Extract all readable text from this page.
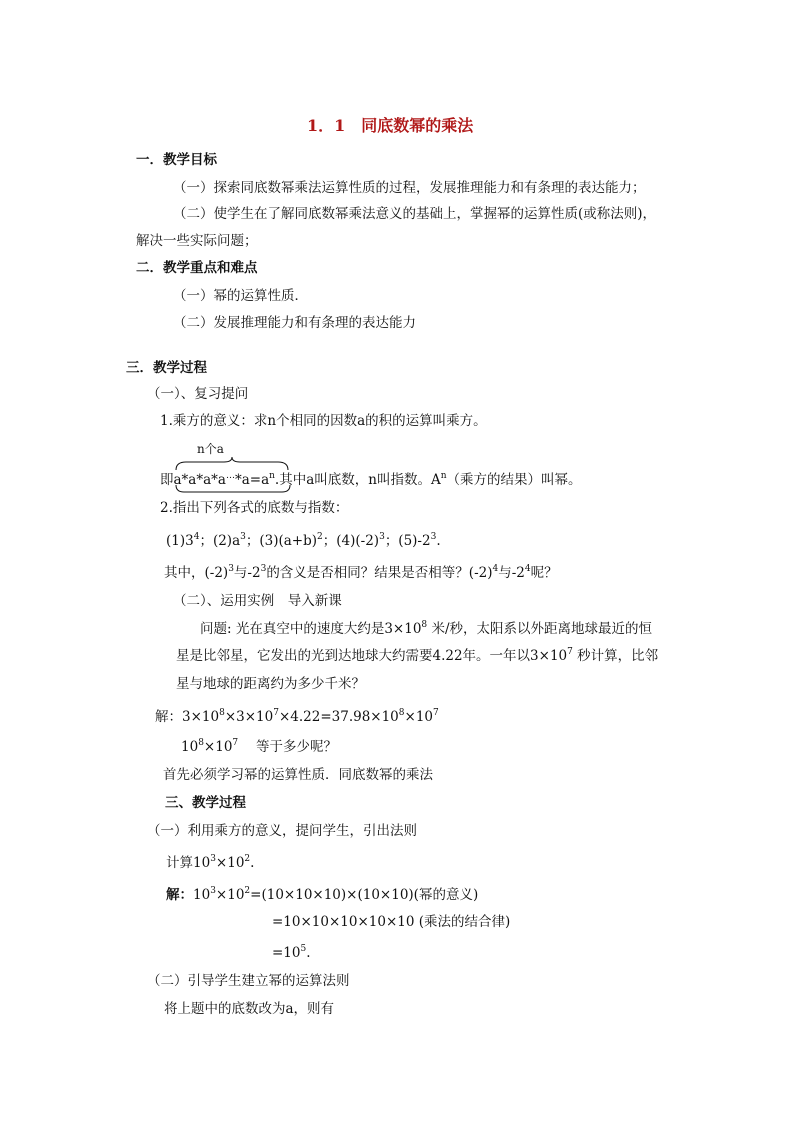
1．1　同底数幂的乘法
一．教学目标
（一）探索同底数幂乘法运算性质的过程，发展推理能力和有条理的表达能力；
（二）使学生在了解同底数幂乘法意义的基础上，掌握幂的运算性质(或称法则)，
解决一些实际问题；
二．教学重点和难点
（一）幂的运算性质．
（二）发展推理能力和有条理的表达能力
三．教学过程
（一）、复习提问
1.乘方的意义：求n个相同的因数a的积的运算叫乘方。
n个a
即$a*a*a*a^\dots*a=a^n$.其中a叫底数，n叫指数。$A^n$（乘方的结果）叫幂。
2.指出下列各式的底数与指数：
$(1)3^4$；$(2)a^3$；$(3)(a+b)^2$；$(4)(-2)^3$；$(5)-2^3$.
其中，$(-2)^3$与$-2^3$的含义是否相同？结果是否相等？$(-2)^4$与$-2^4$呢？
（二）、运用实例　导入新课
问题: 光在真空中的速度大约是$3\times 10^8$ 米/秒，太阳系以外距离地球最近的恒
星是比邻星，它发出的光到达地球大约需要4.22年。一年以$3\times 10^7$ 秒计算，比邻
星与地球的距离约为多少千米？
解：$3\times 10^8\times 3\times 10^7\times 4.22=37.98\times 10^8\times 10^7$
$10^8\times 10^7$　 等于多少呢？
首先必须学习幂的运算性质．同底数幂的乘法
三、教学过程
（一）利用乘方的意义，提问学生，引出法则
计算$10^3\times 10^2$.
解：$10^3\times 10^2=(10\times 10\times 10)\times(10\times 10)$(幂的意义)
=10×10×10×10×10 (乘法的结合律)
$=10^5$.
（二）引导学生建立幂的运算法则
将上题中的底数改为a，则有
